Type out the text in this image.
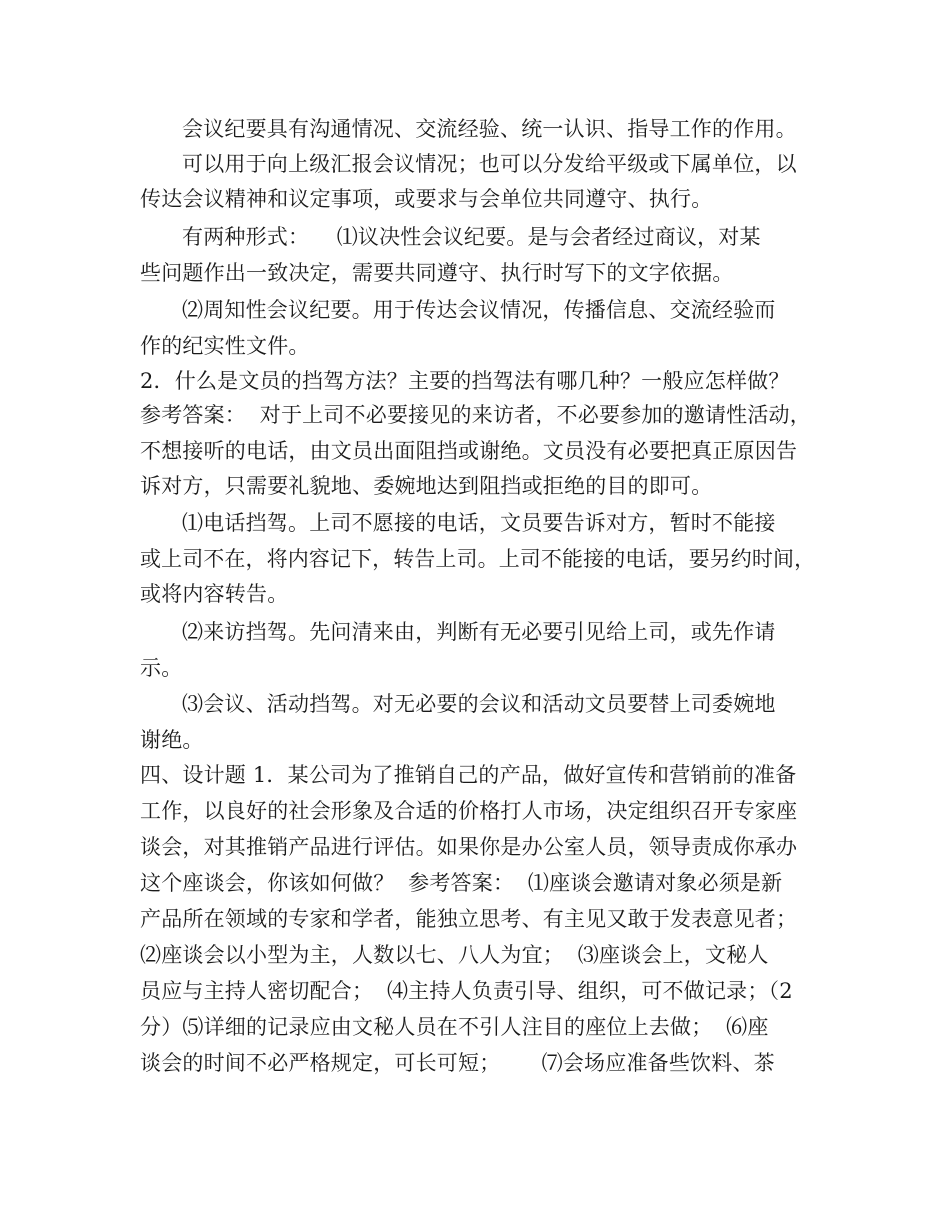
会议纪要具有沟通情况、交流经验、统一认识、指导工作的作用。
可以用于向上级汇报会议情况；也可以分发给平级或下属单位，以
传达会议精神和议定事项，或要求与会单位共同遵守、执行。
有两种形式：    ⑴议决性会议纪要。是与会者经过商议，对某
些问题作出一致决定，需要共同遵守、执行时写下的文字依据。
⑵周知性会议纪要。用于传达会议情况，传播信息、交流经验而
作的纪实性文件。
2．什么是文员的挡驾方法？主要的挡驾法有哪几种？一般应怎样做？
参考答案：  对于上司不必要接见的来访者，不必要参加的邀请性活动，
不想接听的电话，由文员出面阻挡或谢绝。文员没有必要把真正原因告
诉对方，只需要礼貌地、委婉地达到阻挡或拒绝的目的即可。
⑴电话挡驾。上司不愿接的电话，文员要告诉对方，暂时不能接
或上司不在，将内容记下，转告上司。上司不能接的电话，要另约时间，
或将内容转告。
⑵来访挡驾。先问清来由，判断有无必要引见给上司，或先作请
示。
⑶会议、活动挡驾。对无必要的会议和活动文员要替上司委婉地
谢绝。
四、设计题 1．某公司为了推销自己的产品，做好宣传和营销前的准备
工作，以良好的社会形象及合适的价格打人市场，决定组织召开专家座
谈会，对其推销产品进行评估。如果你是办公室人员，领导责成你承办
这个座谈会，你该如何做？  参考答案：  ⑴座谈会邀请对象必须是新
产品所在领域的专家和学者，能独立思考、有主见又敢于发表意见者；
⑵座谈会以小型为主，人数以七、八人为宜；  ⑶座谈会上，文秘人
员应与主持人密切配合；  ⑷主持人负责引导、组织，可不做记录；（2
分）⑸详细的记录应由文秘人员在不引人注目的座位上去做；  ⑹座
谈会的时间不必严格规定，可长可短；      ⑺会场应准备些饮料、茶
